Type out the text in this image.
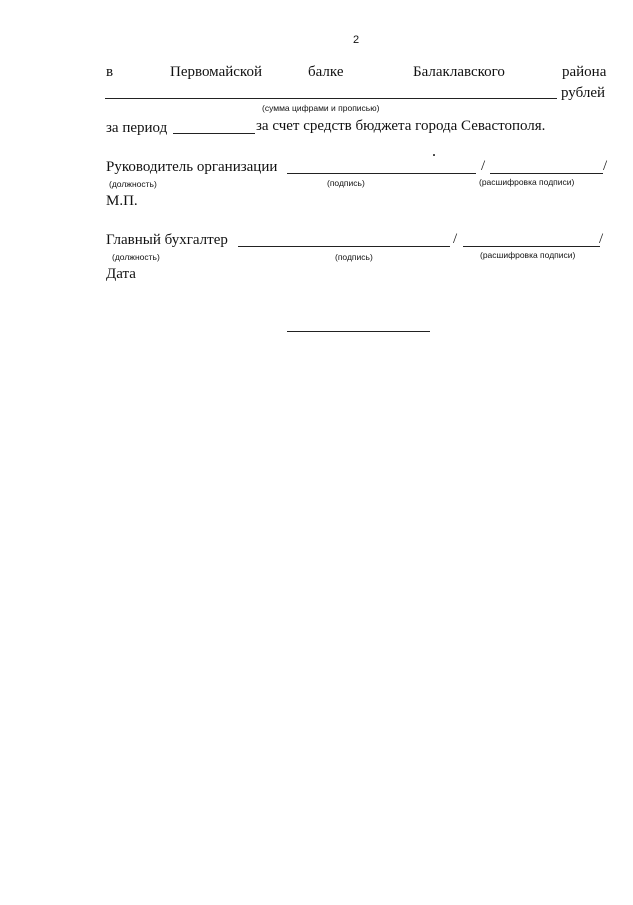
2
в	Первомайской	балке	Балаклавского	района
рублей
(сумма цифрами и прописью)
за период	за счет средств бюджета города Севастополя.
Руководитель организации	/	/
(должность)	(подпись)	(расшифровка подписи)
М.П.
Главный бухгалтер	/	/
(должность)	(подпись)	(расшифровка подписи)
Дата
